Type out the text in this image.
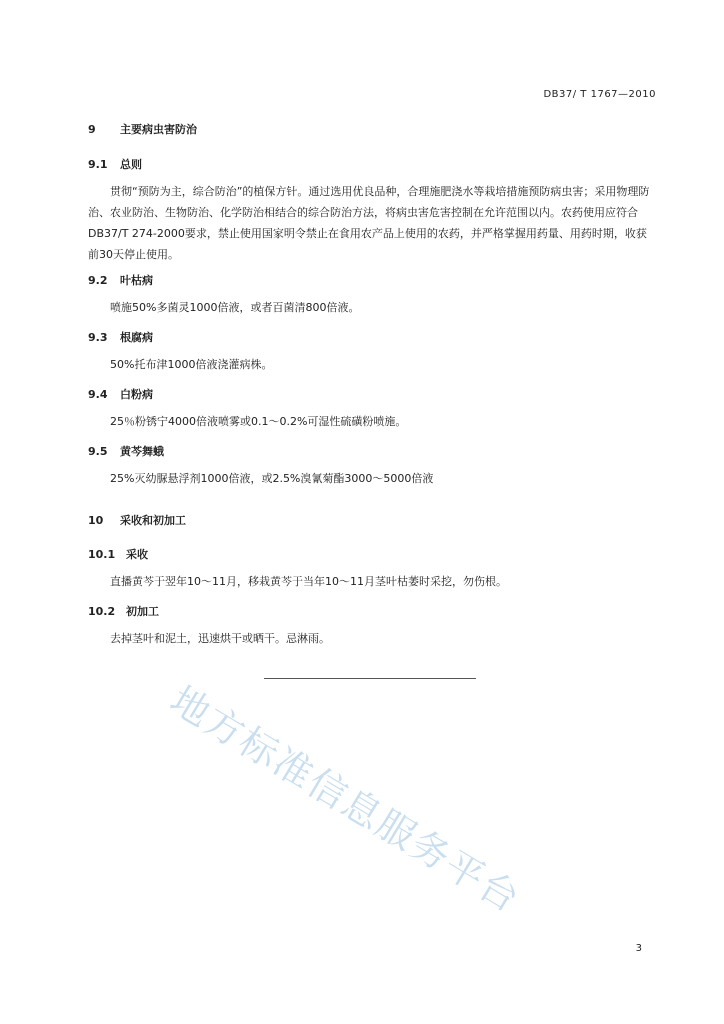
DB37/ T 1767—2010
9 主要病虫害防治
9.1 总则
贯彻“预防为主，综合防治”的植保方针。通过选用优良品种，合理施肥浇水等栽培措施预防病虫害；采用物理防治、农业防治、生物防治、化学防治相结合的综合防治方法，将病虫害危害控制在允许范围以内。农药使用应符合DB37/T 274-2000要求，禁止使用国家明令禁止在食用农产品上使用的农药，并严格掌握用药量、用药时期，收获前30天停止使用。
9.2 叶枯病
喷施50%多菌灵1000倍液，或者百菌清800倍液。
9.3 根腐病
50%托布津1000倍液浇灌病株。
9.4 白粉病
25％粉锈宁4000倍液喷雾或0.1～0.2%可湿性硫磺粉喷施。
9.5 黄芩舞蛾
25%灭幼脲悬浮剂1000倍液，或2.5%溴氰菊酯3000～5000倍液
10 采收和初加工
10.1 采收
直播黄芩于翌年10～11月，移栽黄芩于当年10～11月茎叶枯萎时采挖，勿伤根。
10.2 初加工
去掉茎叶和泥土，迅速烘干或晒干。忌淋雨。
地方标准信息服务平台
3
